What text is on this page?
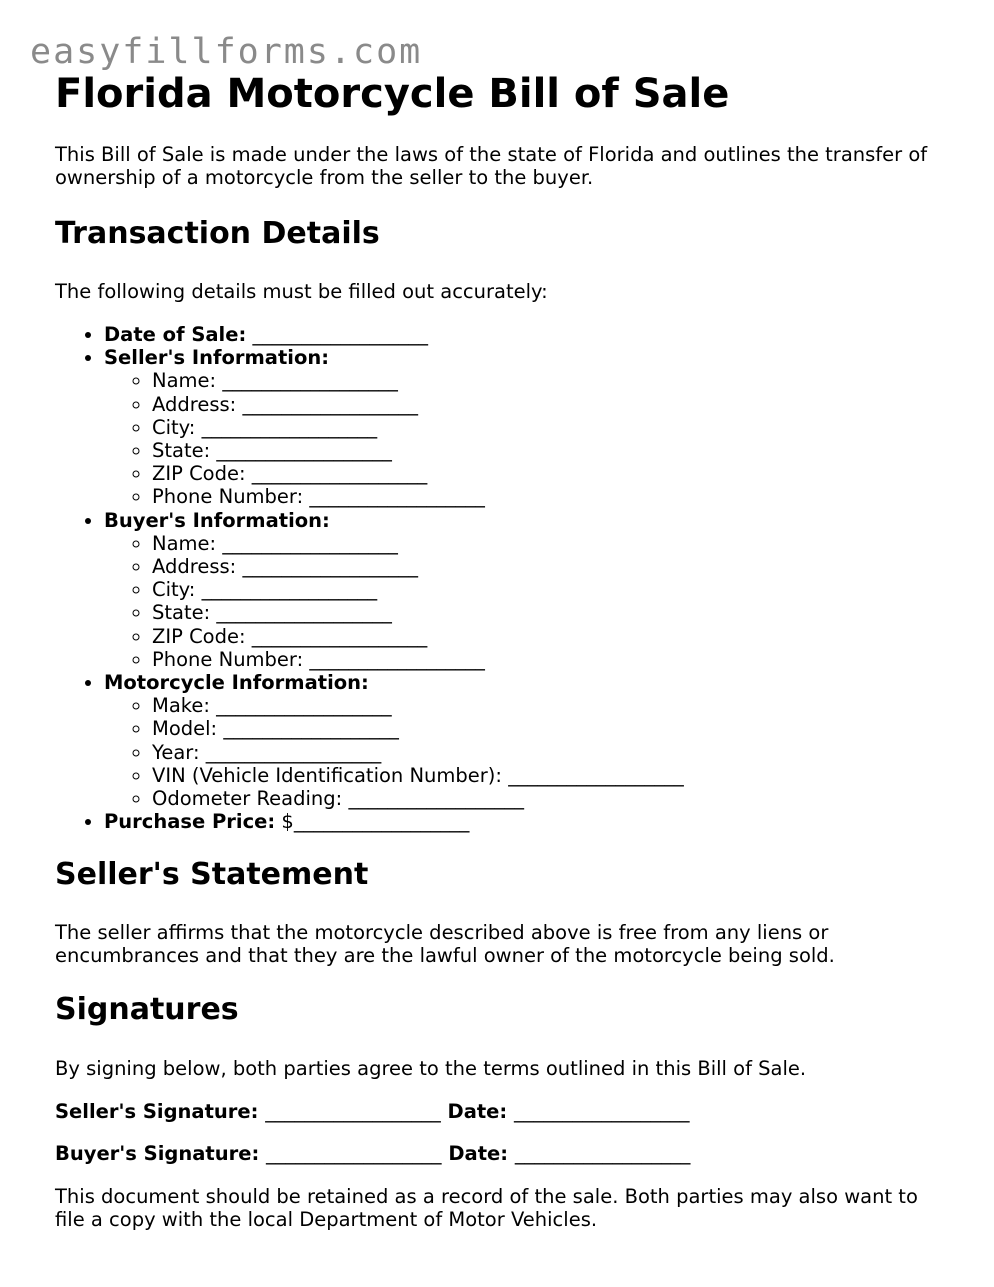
easyfillforms.com
Florida Motorcycle Bill of Sale

This Bill of Sale is made under the laws of the state of Florida and outlines the transfer of ownership of a motorcycle from the seller to the buyer.

Transaction Details

The following details must be filled out accurately:

• Date of Sale: __________________
• Seller's Information:
◦ Name: __________________
◦ Address: __________________
◦ City: __________________
◦ State: __________________
◦ ZIP Code: __________________
◦ Phone Number: __________________
• Buyer's Information:
◦ Name: __________________
◦ Address: __________________
◦ City: __________________
◦ State: __________________
◦ ZIP Code: __________________
◦ Phone Number: __________________
• Motorcycle Information:
◦ Make: __________________
◦ Model: __________________
◦ Year: __________________
◦ VIN (Vehicle Identification Number): __________________
◦ Odometer Reading: __________________
• Purchase Price: $__________________
Seller's Statement

The seller affirms that the motorcycle described above is free from any liens or encumbrances and that they are the lawful owner of the motorcycle being sold.

Signatures

By signing below, both parties agree to the terms outlined in this Bill of Sale.

Seller's Signature: __________________ Date: __________________

Buyer's Signature: __________________ Date: __________________

This document should be retained as a record of the sale. Both parties may also want to file a copy with the local Department of Motor Vehicles.
